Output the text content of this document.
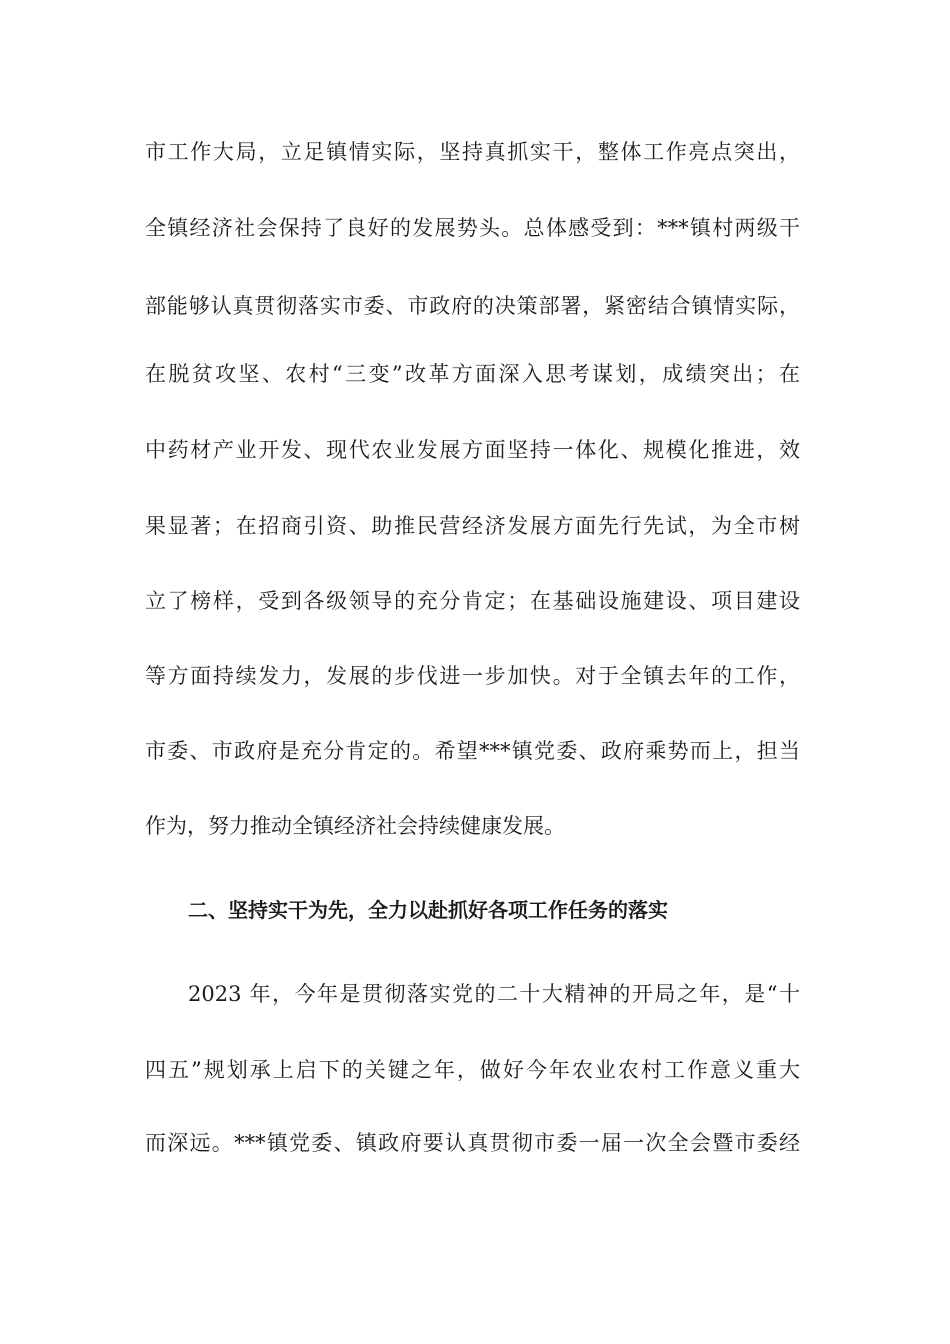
市工作大局，立足镇情实际，坚持真抓实干，整体工作亮点突出，
全镇经济社会保持了良好的发展势头。总体感受到：***镇村两级干
部能够认真贯彻落实市委、市政府的决策部署，紧密结合镇情实际，
在脱贫攻坚、农村“三变”改革方面深入思考谋划，成绩突出；在
中药材产业开发、现代农业发展方面坚持一体化、规模化推进，效
果显著；在招商引资、助推民营经济发展方面先行先试，为全市树
立了榜样，受到各级领导的充分肯定；在基础设施建设、项目建设
等方面持续发力，发展的步伐进一步加快。对于全镇去年的工作，
市委、市政府是充分肯定的。希望***镇党委、政府乘势而上，担当
作为，努力推动全镇经济社会持续健康发展。
二、坚持实干为先，全力以赴抓好各项工作任务的落实
2023 年，今年是贯彻落实党的二十大精神的开局之年，是“十
四五”规划承上启下的关键之年，做好今年农业农村工作意义重大
而深远。***镇党委、镇政府要认真贯彻市委一届一次全会暨市委经
